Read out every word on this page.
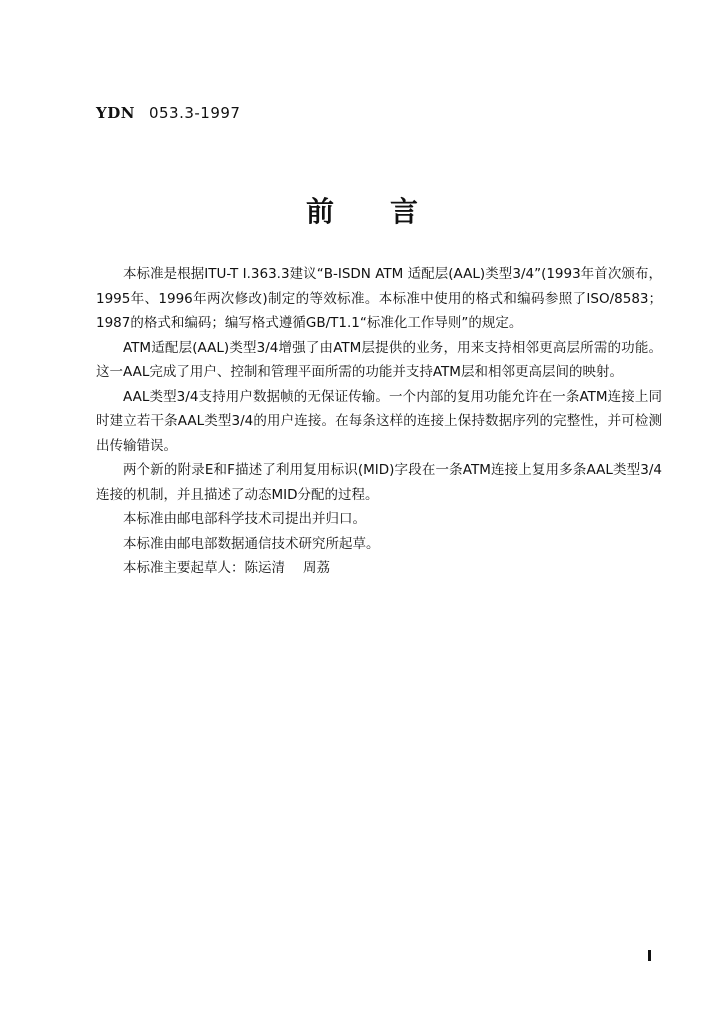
YDN 053.3-1997
前言

本标准是根据ITU-T I.363.3建议“B-ISDN ATM 适配层(AAL)类型3/4”(1993年首次颁布，1995年、1996年两次修改)制定的等效标准。本标准中使用的格式和编码参照了ISO/8583；1987的格式和编码；编写格式遵循GB/T1.1“标准化工作导则”的规定。

ATM适配层(AAL)类型3/4增强了由ATM层提供的业务，用来支持相邻更高层所需的功能。这一AAL完成了用户、控制和管理平面所需的功能并支持ATM层和相邻更高层间的映射。

AAL类型3/4支持用户数据帧的无保证传输。一个内部的复用功能允许在一条ATM连接上同时建立若干条AAL类型3/4的用户连接。在每条这样的连接上保持数据序列的完整性，并可检测出传输错误。

两个新的附录E和F描述了利用复用标识(MID)字段在一条ATM连接上复用多条AAL类型3/4连接的机制，并且描述了动态MID分配的过程。

本标准由邮电部科学技术司提出并归口。

本标准由邮电部数据通信技术研究所起草。

本标准主要起草人：陈运清 周荔
